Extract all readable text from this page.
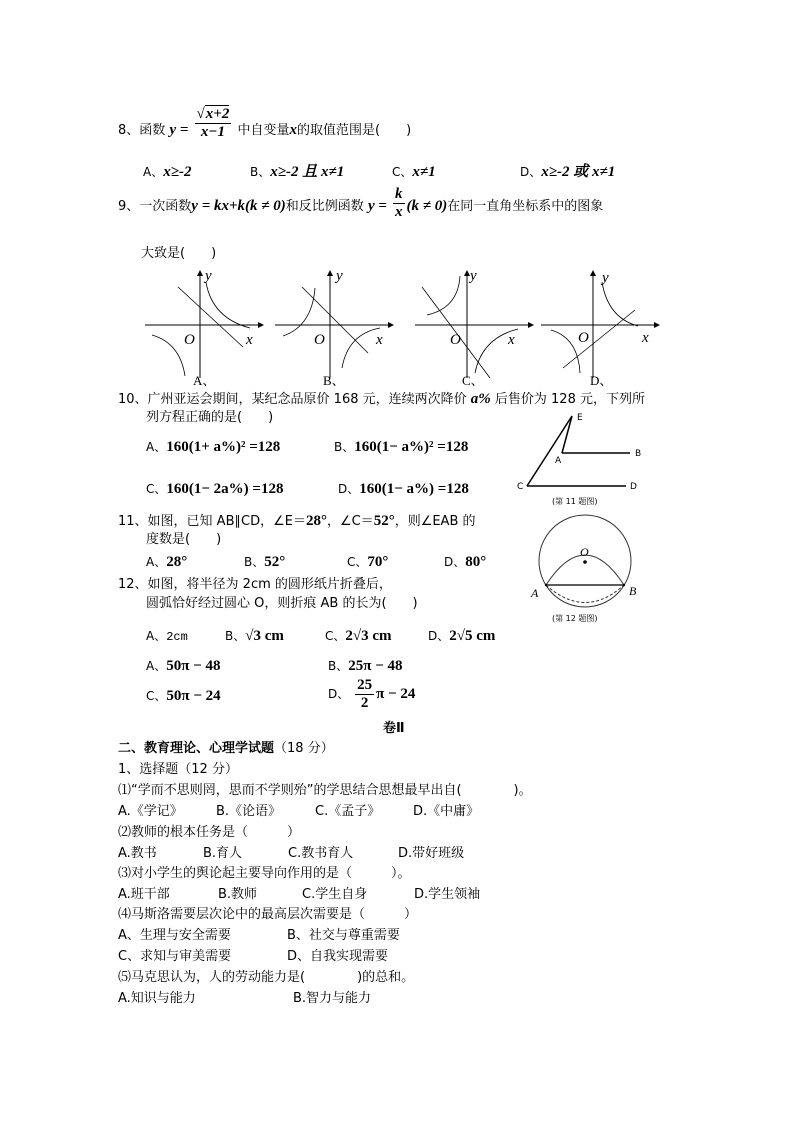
8、函数 $y = \frac{√x+2}{x-1}$ 中自变量x的取值范围是(　　)
A、x≥-2	B、x≥-2 且 x≠1	C、x≠1	D、x≥-2 或 x≠1
9、一次函数y = kx+k(k ≠ 0)和反比例函数 $y = \frac{k}{x} (k \ne 0)$在同一直角坐标系中的图象
大致是(　　)
y
x
O
A、
y
x
O
B、
y
x
O
C、
y
x
O
D、
10、广州亚运会期间，某纪念品原价 168 元，连续两次降价 a% 后售价为 128 元，下列所
列方程正确的是(　　)
A、160(1+ a%)² =128	B、160(1− a%)² =128
C、160(1− 2a%) =128	D、160(1− a%) =128
E
A
B
C	D
(第 11 题图)
11、如图，已知 AB∥CD，∠E＝28°，∠C＝52°，则∠EAB 的
度数是(　　)
A、28°	B、52°	C、70°	D、80°
O
A	B
(第 12 题图)
12、如图，将半径为 2cm 的圆形纸片折叠后，
圆弧恰好经过圆心 O，则折痕 AB 的长为(　　)
A、2cm	B、√3 cm	C、2√3 cm	D、2√5 cm
A、50π − 48	B、25π − 48
C、50π − 24	D、 $\frac{25}{2}$ π − 24
卷Ⅱ
二、教育理论、心理学试题（18 分）
1、选择题（12 分）
⑴“学而不思则罔，思而不学则殆”的学思结合思想最早出自(　　　　)。
A.《学记》	B.《论语》	C.《孟子》	D.《中庸》
⑵教师的根本任务是（　　　）
A.教书	B.育人	C.教书育人	D.带好班级
⑶对小学生的舆论起主要导向作用的是（　　　）。
A.班干部	B.教师	C.学生自身	D.学生领袖
⑷马斯洛需要层次论中的最高层次需要是（　　　）
A、生理与安全需要	B、社交与尊重需要
C、求知与审美需要	D、自我实现需要
⑸马克思认为，人的劳动能力是(　　　　)的总和。
A.知识与能力	B.智力与能力
